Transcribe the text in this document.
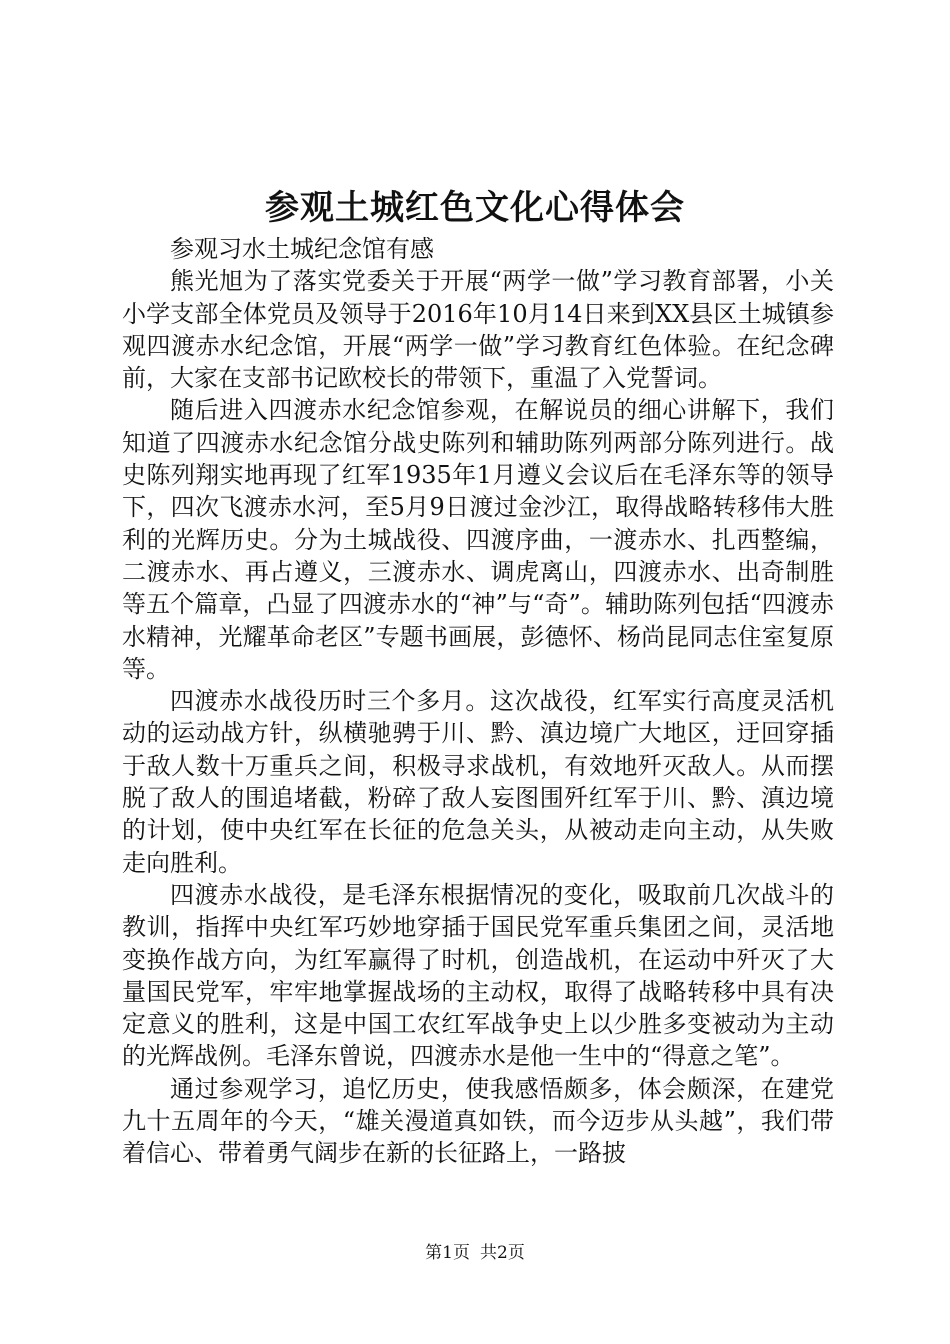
参观土城红色文化心得体会

参观习水土城纪念馆有感

熊光旭为了落实党委关于开展“两学一做”学习教育部署，小关小学支部全体党员及领导于2016年10月14日来到XX县区土城镇参观四渡赤水纪念馆，开展“两学一做”学习教育红色体验。在纪念碑前，大家在支部书记欧校长的带领下，重温了入党誓词。

随后进入四渡赤水纪念馆参观，在解说员的细心讲解下，我们知道了四渡赤水纪念馆分战史陈列和辅助陈列两部分陈列进行。战史陈列翔实地再现了红军1935年1月遵义会议后在毛泽东等的领导下，四次飞渡赤水河，至5月9日渡过金沙江，取得战略转移伟大胜利的光辉历史。分为土城战役、四渡序曲，一渡赤水、扎西整编，二渡赤水、再占遵义，三渡赤水、调虎离山，四渡赤水、出奇制胜等五个篇章，凸显了四渡赤水的“神”与“奇”。辅助陈列包括“四渡赤水精神，光耀革命老区”专题书画展，彭德怀、杨尚昆同志住室复原等。

四渡赤水战役历时三个多月。这次战役，红军实行高度灵活机动的运动战方针，纵横驰骋于川、黔、滇边境广大地区，迂回穿插于敌人数十万重兵之间，积极寻求战机，有效地歼灭敌人。从而摆脱了敌人的围追堵截，粉碎了敌人妄图围歼红军于川、黔、滇边境的计划，使中央红军在长征的危急关头，从被动走向主动，从失败走向胜利。

四渡赤水战役，是毛泽东根据情况的变化，吸取前几次战斗的教训，指挥中央红军巧妙地穿插于国民党军重兵集团之间，灵活地变换作战方向，为红军赢得了时机，创造战机，在运动中歼灭了大量国民党军，牢牢地掌握战场的主动权，取得了战略转移中具有决定意义的胜利，这是中国工农红军战争史上以少胜多变被动为主动的光辉战例。毛泽东曾说，四渡赤水是他一生中的“得意之笔”。

通过参观学习，追忆历史，使我感悟颇多，体会颇深，在建党九十五周年的今天，“雄关漫道真如铁，而今迈步从头越”，我们带着信心、带着勇气阔步在新的长征路上，一路披

第1页 共2页
